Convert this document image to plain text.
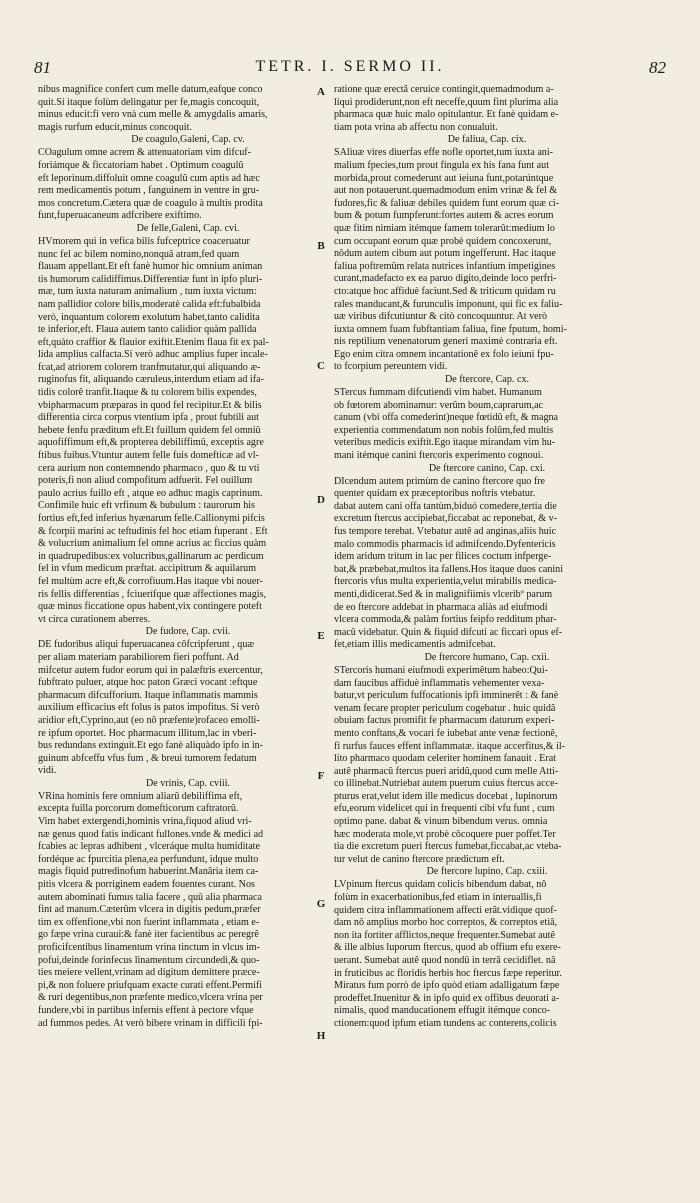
81	TETR. I. SERMO II.	82
nibus magnifice confert cum melle datum,eafque conco
quit.Si itaque folùm delingatur per fe,magis concoquit,
minus educit:fi vero vnà cum melle & amygdalis amaris,
magis rurfum educit,minus concoquit.
De coagulo,Galeni, Cap. cv.
COagulum omne acrem & attenuatoriam vim difcuf-
foriámque & ficcatoriam habet . Optimum coagulû
eft leporinum.diffoluit omne coagulû cum aptis ad hæc
rem medicamentis potum , fanguinem in ventre in gru-
mos concretum.Cætera quæ de coagulo à multis prodita
funt,fuperuacaneum adfcribere exiftimo.
De felle,Galeni, Cap. cvi.
HVmorem qui in vefica bilis fufceptrice coaceruatur
nunc fel ac bilem nomino,nonquâ atram,fed quam
flauam appellant.Et eft fanè humor hic omnium animan
tis humorum calidiffimus.Differentiæ funt in ipfo pluri-
mæ, tum iuxta naturam animalium , tum iuxta victum:
nam pallidior colore bilis,moderatè calida eft:fubalbida
verò, inquantum colorem exolutum habet,tanto calidita
te inferior,eft. Flaua autem tanto calidior quàm pallida
eft,quàto craffior & flauior exiftit.Etenim flaua fit ex pal-
lida amplius calfacta.Si verò adhuc amplius fuper incale-
fcat,ad atriorem colorem tranfmutatur,qui aliquando æ-
ruginofus fit, aliquando cæruleus,interdum etiam ad ifa-
tidis colorê tranfit.Itaque & tu colorem bilis expendes,
vbipharmacum præparas in quod fel recipitur.Et & bilis
differentia circa corpus vtentium ipfa , prout fubtili aut
hebete fenfu præditum eft.Et fuillum quidem fel omniû
aquofiffimum eft,& propterea debiliffimû, exceptis agre
ftibus fuibus.Vtuntur autem felle fuis domefticæ ad vl-
cera aurium non contemnendo pharmaco , quo & tu vti
poteris,fi non aliud compofitum adfuerit. Fel ouillum
paulo acrius fuillo eft , atque eo adhuc magis caprinum.
Confimile huic eft vrfinum & bubulum : taurorum his
fortius eft,fed inferius hyænarum felle.Callionymi pifcis
& fcorpii marini ac teftudinis fel hoc etiam fuperant . Eft
& volucrium animalium fel omne acrius ac ficcius quàm
in quadrupedibus:ex volucribus,gallinarum ac perdicum
fel in vfum medicum præftat. accipitrum & aquilarum
fel multùm acre eft,& corrofiuum.Has itaque vbi nouer-
ris fellis differentias , fciuerífque quæ affectiones magis,
quæ minus ficcatione opus habent,vix contingere poteft
vt circa curationem aberres.
De fudore, Cap. cvii.
DE fudoribus aliqui fuperuacanea côfcripferunt , quæ
per aliam materiam parabiliorem fieri poffunt. Ad
mifcetur autem fudor eorum qui in palæftris exercentur,
fubftrato puluer, atque hoc paton Græci vocant :eftque
pharmacum difcufforium. Itaque inflammatis mammis
auxilium efficacius eft folus is patos impofitus. Si verò
aridior eft,Cyprino,aut (eo nô præfente)rofaceo emolli-
re ipfum oportet. Hoc pharmacum illitum,lac in vberi-
bus redundans extinguit.Et ego fanè aliquàdo ipfo in in-
guinum abfceffu vfus fum , & breui tumorem fedatum
vidi.
De vrinis, Cap. cviii.
VRina hominis fere omnium aliarû debiliffima eft,
excepta fuilla porcorum domefticorum caftratorû.
Vim habet extergendi,hominis vrina,fiquod aliud vri-
næ genus quod fatis indicant fullones.vnde & medici ad
fcabies ac lepras adhibent , vlceráque multa humiditate
fordéque ac fpurcitia plena,ea perfundunt, idque multo
magis fiquid putredinofum habuerint.Manâria item ca-
pitis vlcera & porriginem eadem fouentes curant. Nos
autem abominati fumus talia facere , quû alia pharmaca
fint ad manum.Cæterûm vlcera in digitis pedum,præfer
tim ex offenfione,vbi non fuerint inflammata , etiam e-
go fæpe vrina curaui:& fanè iter facientibus ac peregrê
proficifcentibus linamentum vrina tinctum in vlcus im-
pofui,deinde forinfecus linamentum circundedi,& quo-
ties meiere vellent,vrinam ad digitum demittere præce-
pi,& non foluere priufquam exacte curati effent.Permifi
& rurí degentibus,non præfente medico,vlcera vrina per
fundere,vbi in partibus infernis effent à pectore vfque
ad fummos pedes. At verò bibere vrinam in difficili fpi-
ratione quæ erectâ ceruice contingit,quemadmodum a-
liqui prodiderunt,non eft neceffe,quum fint plurima alia
pharmaca quæ huic malo opitulantur. Et fanè quidam e-
tiam pota vrina ab affectu non conualuit.
De faliua, Cap. cix.
SAliuæ vires diuerfas effe nofle oportet,tum iuxta ani-
malium fpecies,tum prout fingula ex his fana funt aut
morbida,prout comederunt aut ieiuna funt,potarúntque
aut non potauerunt.quemadmodum enim vrinæ & fel &
fudores,fic & faliuæ debiles quidem funt eorum quæ ci-
bum & potum fumpferunt:fortes autem & acres eorum
quæ fitim nimiam itémque famem tolerarût:medium lo
cum occupant eorum quæ probè quidem concoxerunt,
nôdum autem cibum aut potum ingefferunt. Hac itaque
faliua poftremûm relata nutrices infantium impetigines
curant,madefacto ex ea paruo digito,deinde loco perfri-
cto:atque hoc affiduè faciunt.Sed & triticum quidam ru
rales manducant,& furunculis imponunt, qui fic ex faliu-
uæ viribus difcutiuntur & citò concoquuntur. At verò
iuxta omnem fuam fubftantiam faliua, fine fputum, homi-
nis reptilium venenatorum generi maximè contraria eft.
Ego enim citra omnem incantationê ex folo ieiuni fpu-
to fcorpium pereuntem vidi.
De ftercore, Cap. cx.
STercus fummam difcutiendi vim habet. Humanum
ob fœtorem abominamur: verûm boum,caprarum,ac
canum (vbi offa comederint)neque fœtidû eft, & magna
experientia commendatum non nobis folûm,fed multis
veteribus medicis exiftit.Ego itaque mirandam vim hu-
mani itémque canini ftercoris experimento cognoui.
De ftercore canino, Cap. cxi.
DIcendum autem primùm de canino ftercore quo fre
quenter quidam ex præceptoribus noftris vtebatur.
dabat autem cani offa tantùm,biduó comedere,tertia die
excretum ftercus accipiebat,ficcabat ac reponebat, & v-
fus tempore terebat. Vtebatur autê ad anginas,aliis huic
malo commodis pharmacis id admifcendo.Dyfentericis
idem aridum tritum in lac per filices coctum infperge-
bat,& præbebat,multos ita fallens.Hos itaque duos canini
ftercoris vfus multa experientia,velut mirabilis medica-
menti,didicerat.Sed & in malignifiimis vlceribº parum
de eo ftercore addebat in pharmaca aliàs ad eiufmodi
vlcera commoda,& palàm fortius feipfo redditum phar-
macû videbatur. Quin & fiquid difcuti ac ficcari opus ef-
fet,etiam illis medicamentis admifcebat.
De ftercore humano, Cap. cxii.
STercoris humani eiufmodi experimêtum habeo:Qui-
dam faucibus affiduè inflammatis vehementer vexa-
batur,vt periculum fuffocationis ipfi imminerêt : & fanè
venam fecare propter periculum cogebatur . huic quidâ
obuiam factus promifit fe pharmacum daturum experi-
mento conftans,& vocari fe iubebat ante venæ fectionê,
fi rurfus fauces effent inflammatæ. itaque accerfitus,& il-
lito pharmaco quodam celeriter hominem fanauit . Erat
autê pharmacû ftercus pueri aridû,quod cum melle Atti-
co illinebat.Nutriebat autem puerum cuius ftercus acce-
pturus erat,velut idem ille medicus docebat , lupinorum
efu,eorum videlicet qui in frequenti cibi vfu funt , cum
optimo pane. dabat & vinum bibendum verus. omnia
hæc moderata mole,vt probè côcoquere puer poffet.Ter
tia die excretum pueri ftercus fumebat,ficcabat,ac vteba-
tur velut de canino ftercore prædictum eft.
De ftercore lupino, Cap. cxiii.
LVpinum ftercus quidam colicis bibendum dabat, nô
folùm in exacerbationibus,fed etiam in interuallis,fi
quidem citra inflammationem affecti erât.vidique quof-
dam nô amplius morbo hoc correptos, & correptos etiâ,
non ita fortiter afflictos,neque frequenter.Sumebat autê
& ille albius luporum ftercus, quod ab offium efu exere-
uerant. Sumebat autê quod nondû in terrâ cecidiflet. nâ
in fruticibus ac floridis herbis hoc ftercus fæpe reperitur.
Miratus fum porrò de ipfo quòd etiam adalligatum fæpe
prodeffet.Inuenitur & in ipfo quid ex offibus deuorati a-
nimalis, quod manducationem effugit itémque conco-
ctionem:quod ipfum etiam tundens ac conterens,colicis
A
B
C
D
E
F
G
H
